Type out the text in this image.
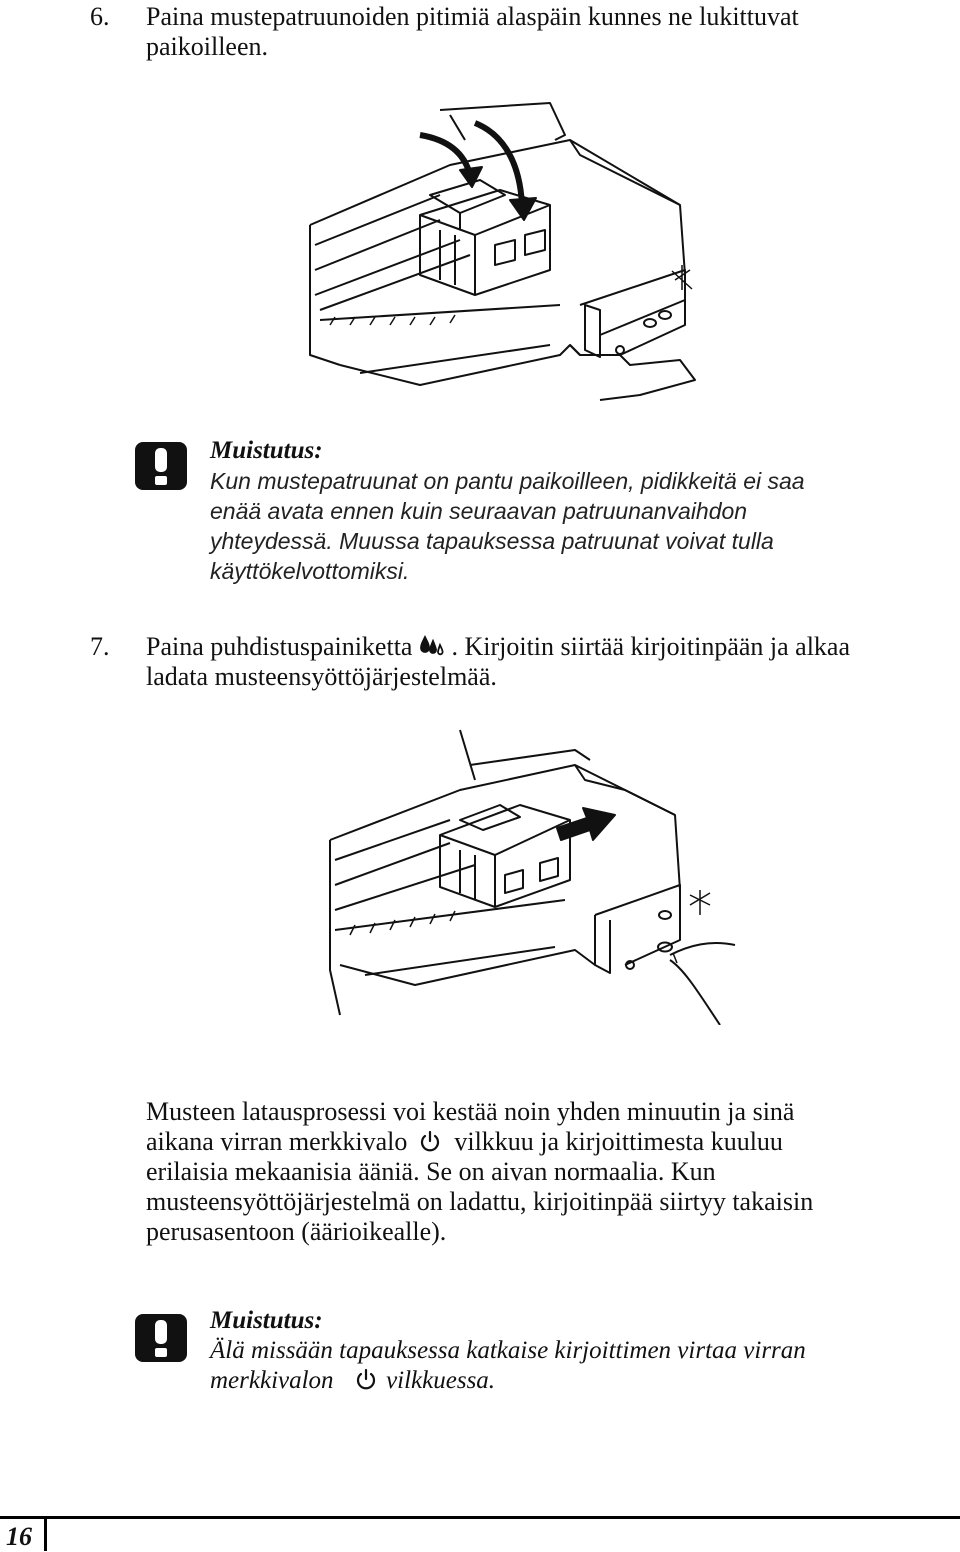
6. Paina mustepatruunoiden pitimiä alaspäin kunnes ne lukittuvat
paikoilleen.
Muistutus:
Kun mustepatruunat on pantu paikoilleen, pidikkeitä ei saa
enää avata ennen kuin seuraavan patruunanvaihdon
yhteydessä. Muussa tapauksessa patruunat voivat tulla
käyttökelvottomiksi.
7. Paina puhdistuspainiketta . Kirjoitin siirtää kirjoitinpään ja alkaa
ladata musteensyöttöjärjestelmää.
Musteen latausprosessi voi kestää noin yhden minuutin ja sinä
aikana virran merkkivalo vilkkuu ja kirjoittimesta kuuluu
erilaisia mekaanisia ääniä. Se on aivan normaalia. Kun
musteensyöttöjärjestelmä on ladattu, kirjoitinpää siirtyy takaisin
perusasentoon (äärioikealle).
Muistutus:
Älä missään tapauksessa katkaise kirjoittimen virtaa virran
merkkivalon vilkkuessa.
16
